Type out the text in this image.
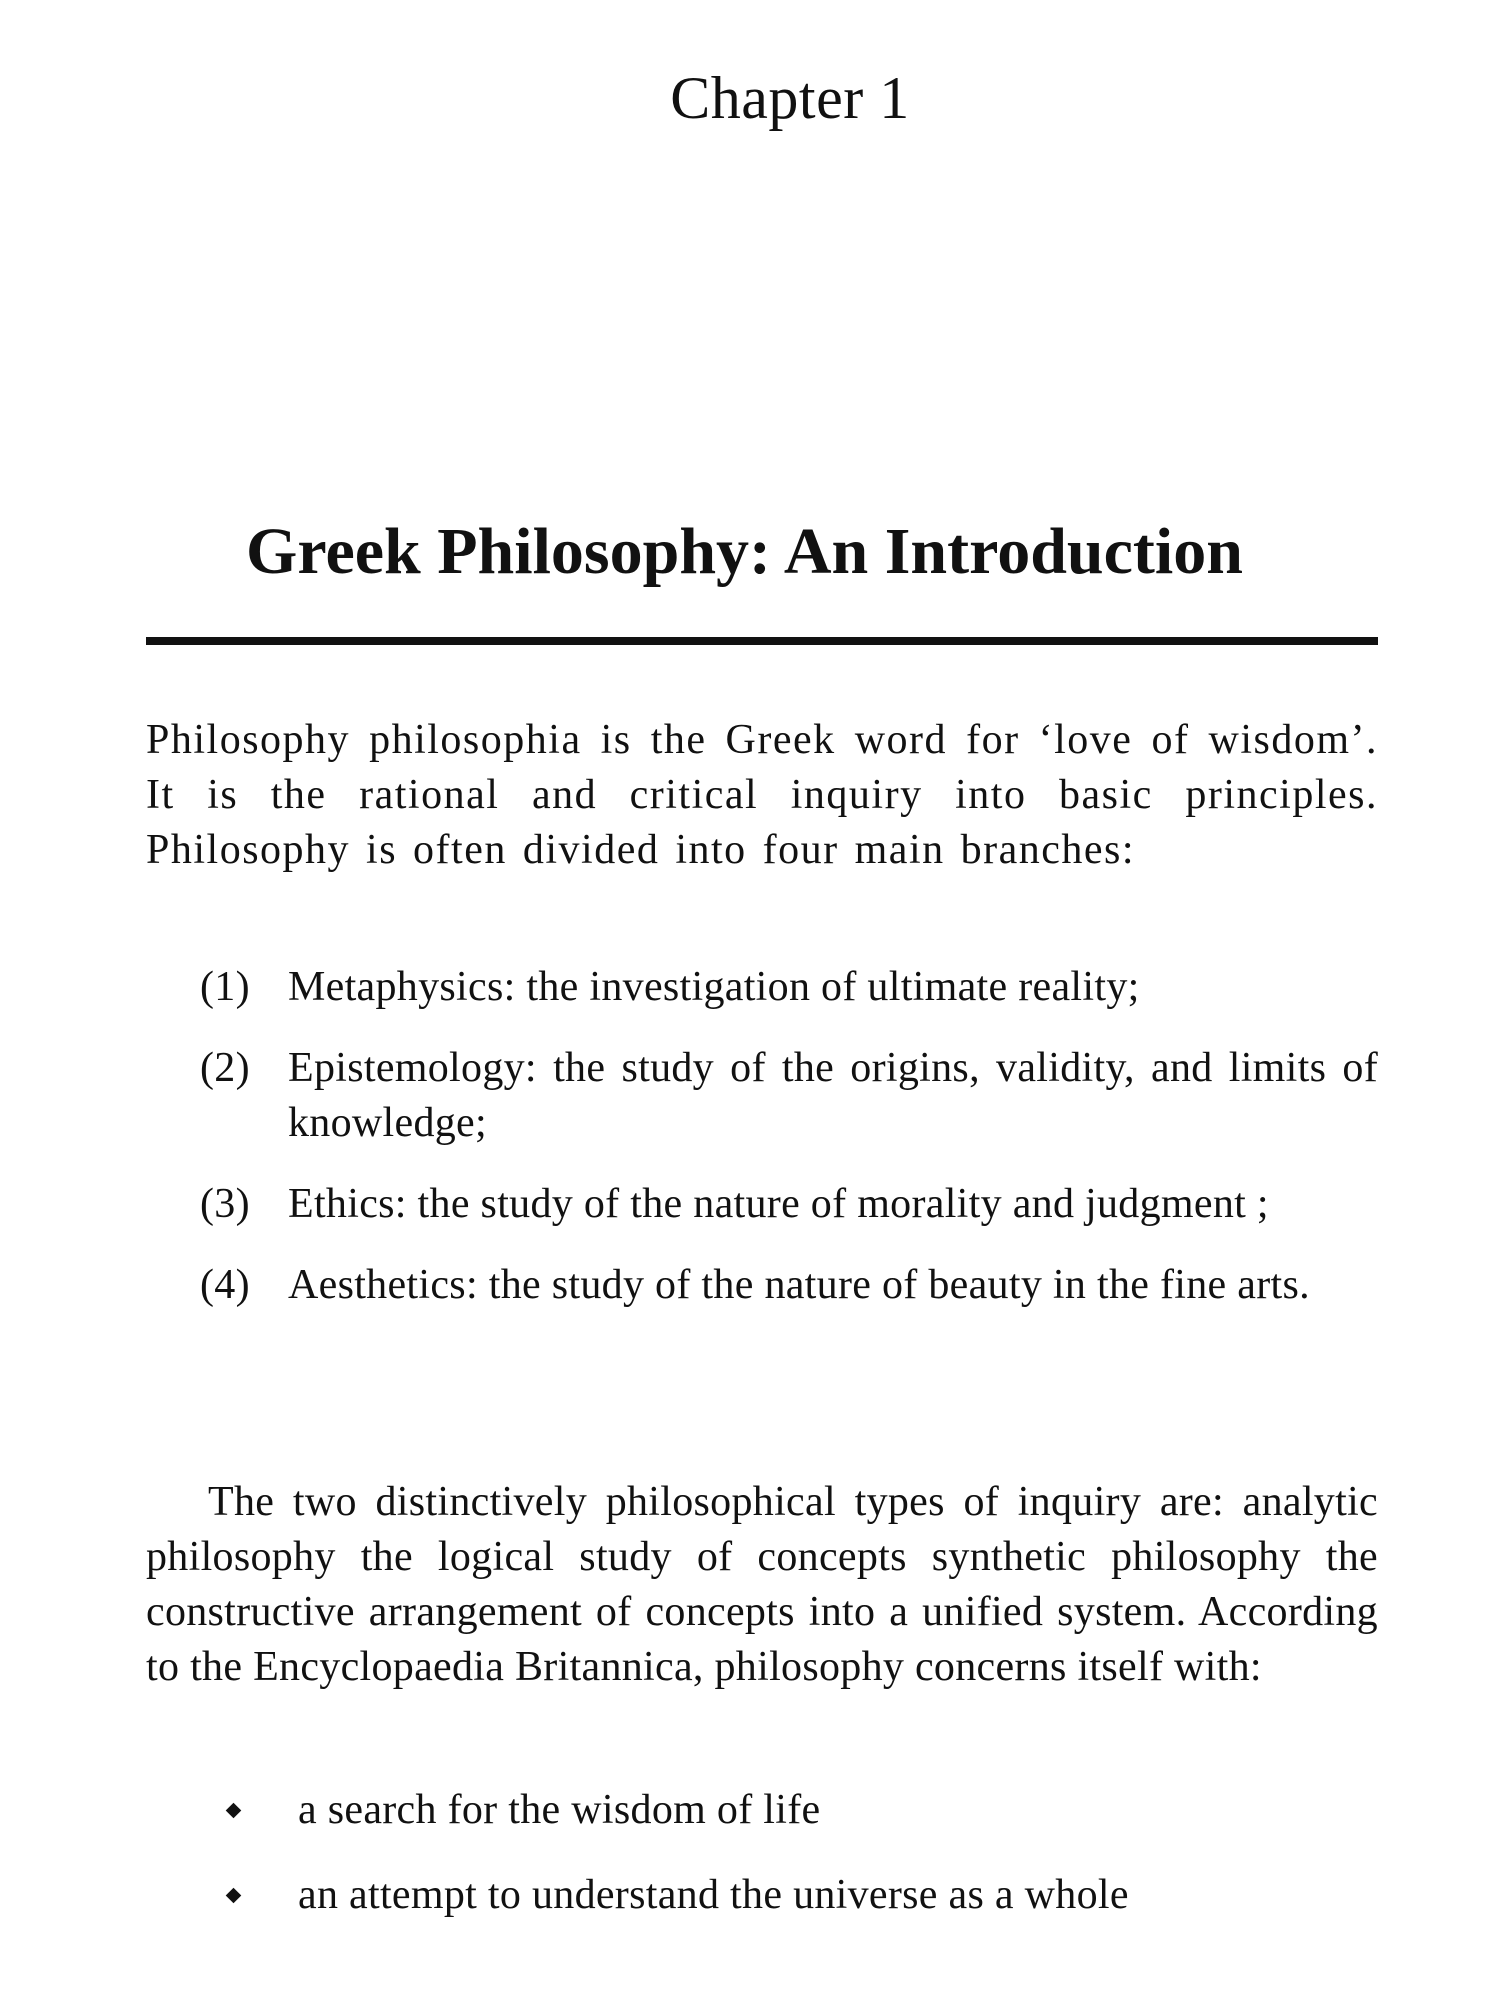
Chapter 1
Greek Philosophy: An Introduction

Philosophy philosophia is the Greek word for ‘love of wisdom’. It is the rational and critical inquiry into basic principles. Philosophy is often divided into four main branches:

(1) Metaphysics: the investigation of ultimate reality;
(2) Epistemology: the study of the origins, validity, and limits of knowledge;
(3) Ethics: the study of the nature of morality and judgment ;
(4) Aesthetics: the study of the nature of beauty in the fine arts.

The two distinctively philosophical types of inquiry are: analytic philosophy the logical study of concepts synthetic philosophy the constructive arrangement of concepts into a unified system. According to the Encyclopaedia Britannica, philosophy concerns itself with:

a search for the wisdom of life
an attempt to understand the universe as a whole
